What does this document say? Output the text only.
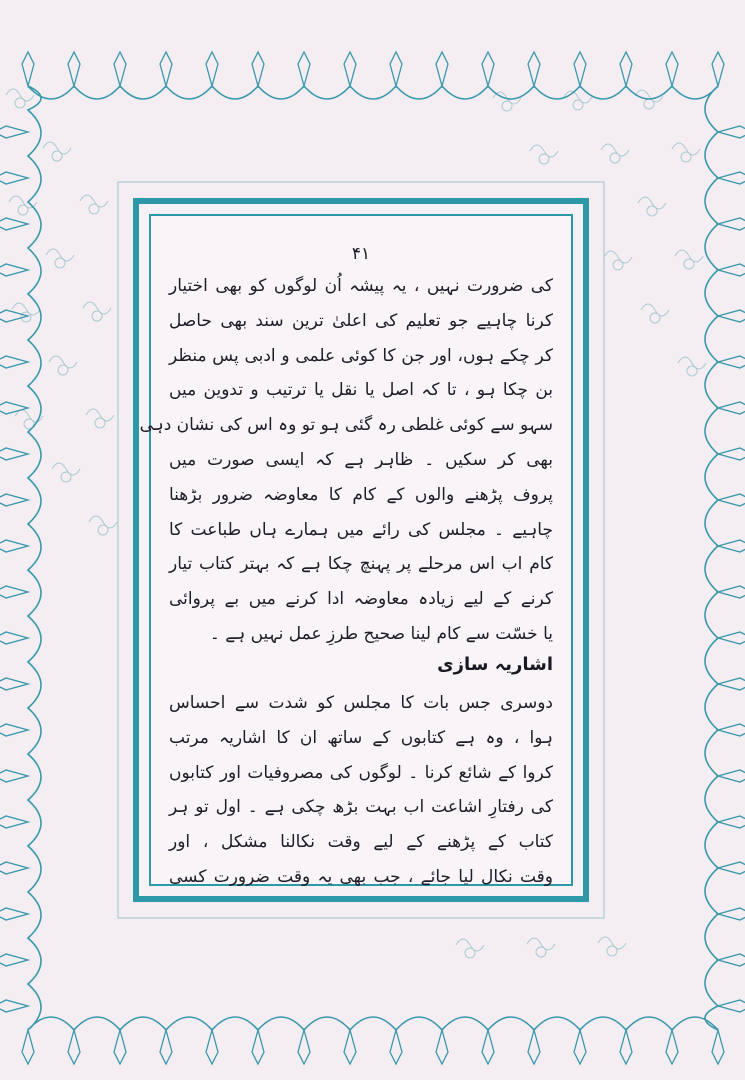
۴۱
کی ضرورت نہیں ، یہ پیشہ اُن لوگوں کو بھی اختیار
کرنا چاہیے جو تعلیم کی اعلیٰ ترین سند بھی حاصل
کر چکے ہوں، اور جن کا کوئی علمی و ادبی پس منظر
بن چکا ہو ، تا کہ اصل یا نقل یا ترتیب و تدوین میں
سہو سے کوئی غلطی رہ گئی ہو تو وہ اس کی نشان دہی
بھی کر سکیں ۔ ظاہر ہے کہ ایسی صورت میں
پروف پڑھنے والوں کے کام کا معاوضہ ضرور بڑھنا
چاہیے ۔ مجلس کی رائے میں ہمارے ہاں طباعت کا
کام اب اس مرحلے پر پہنچ چکا ہے کہ بہتر کتاب تیار
کرنے کے لیے زیادہ معاوضہ ادا کرنے میں بے پروائی
یا خسّت سے کام لینا صحیح طرزِ عمل نہیں ہے ۔
اشاریہ سازی
دوسری جس بات کا مجلس کو شدت سے احساس
ہوا ، وہ ہے کتابوں کے ساتھ ان کا اشاریہ مرتب
کروا کے شائع کرنا ۔ لوگوں کی مصروفیات اور کتابوں
کی رفتارِ اشاعت اب بہت بڑھ چکی ہے ۔ اول تو ہر
کتاب کے پڑھنے کے لیے وقت نکالنا مشکل ، اور
وقت نکال لیا جائے ، جب بھی یہ وقت ضرورت کسی
